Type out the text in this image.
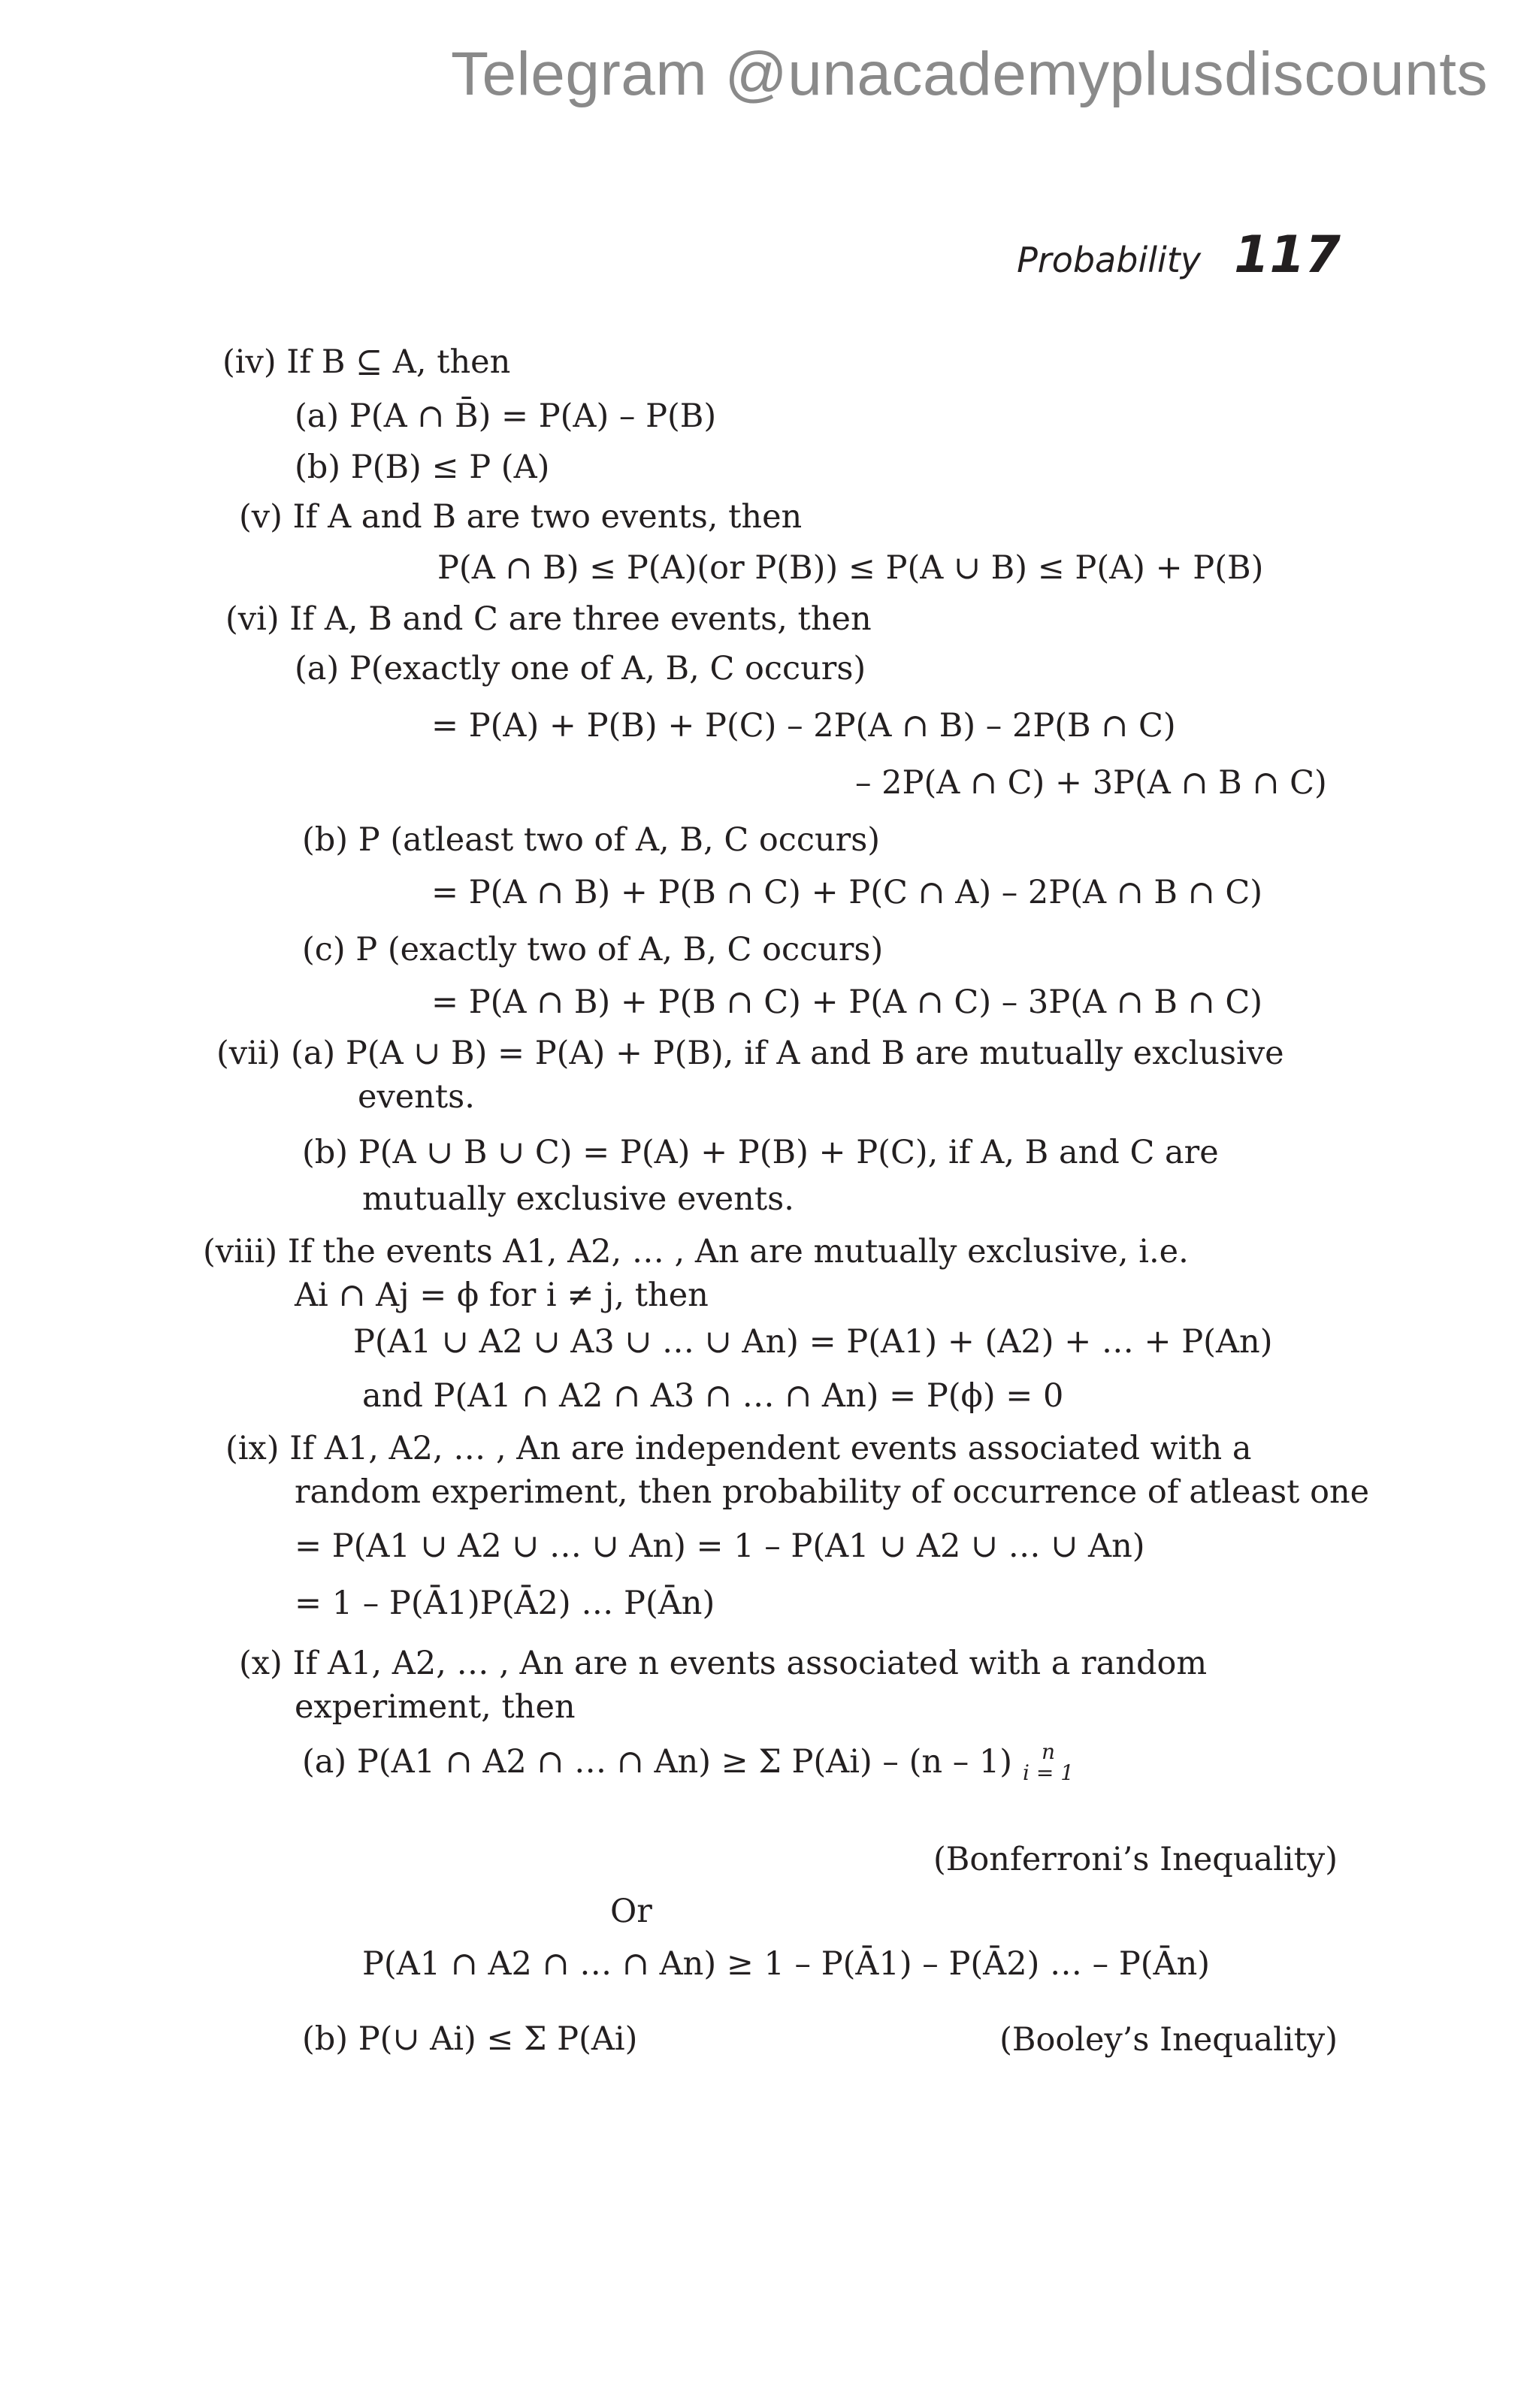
Telegram @unacademyplusdiscounts
Probability 117
(iv) If B ⊆ A, then
(a) P(A ∩ B̄) = P(A) – P(B)
(b) P(B) ≤ P (A)
(v) If A and B are two events, then
P(A ∩ B) ≤ P(A)(or P(B)) ≤ P(A ∪ B) ≤ P(A) + P(B)
(vi) If A, B and C are three events, then
(a) P(exactly one of A, B, C occurs)
= P(A) + P(B) + P(C) – 2P(A ∩ B) – 2P(B ∩ C)
– 2P(A ∩ C) + 3P(A ∩ B ∩ C)
(b) P (atleast two of A, B, C occurs)
= P(A ∩ B) + P(B ∩ C) + P(C ∩ A) – 2P(A ∩ B ∩ C)
(c) P (exactly two of A, B, C occurs)
= P(A ∩ B) + P(B ∩ C) + P(A ∩ C) – 3P(A ∩ B ∩ C)
(vii) (a) P(A ∪ B) = P(A) + P(B), if A and B are mutually exclusive
events.
(b) P(A ∪ B ∪ C) = P(A) + P(B) + P(C), if A, B and C are
mutually exclusive events.
(viii) If the events A1, A2, … , An are mutually exclusive, i.e.
Ai ∩ Aj = ϕ for i ≠ j, then
P(A1 ∪ A2 ∪ A3 ∪ … ∪ An) = P(A1) + (A2) + … + P(An)
and P(A1 ∩ A2 ∩ A3 ∩ … ∩ An) = P(ϕ) = 0
(ix) If A1, A2, … , An are independent events associated with a
random experiment, then probability of occurrence of atleast one
= P(A1 ∪ A2 ∪ … ∪ An) = 1 – P(A1 ∪ A2 ∪ … ∪ An)
= 1 – P(Ā1)P(Ā2) … P(Ān)
(x) If A1, A2, … , An are n events associated with a random
experiment, then
(a) P(A1 ∩ A2 ∩ … ∩ An) ≥ Σ P(Ai) – (n – 1) n
i = 1
(Bonferroni’s Inequality)
Or
P(A1 ∩ A2 ∩ … ∩ An) ≥ 1 – P(Ā1) – P(Ā2) … – P(Ān)
(b) P(∪ Ai) ≤ Σ P(Ai)	(Booley’s Inequality)
